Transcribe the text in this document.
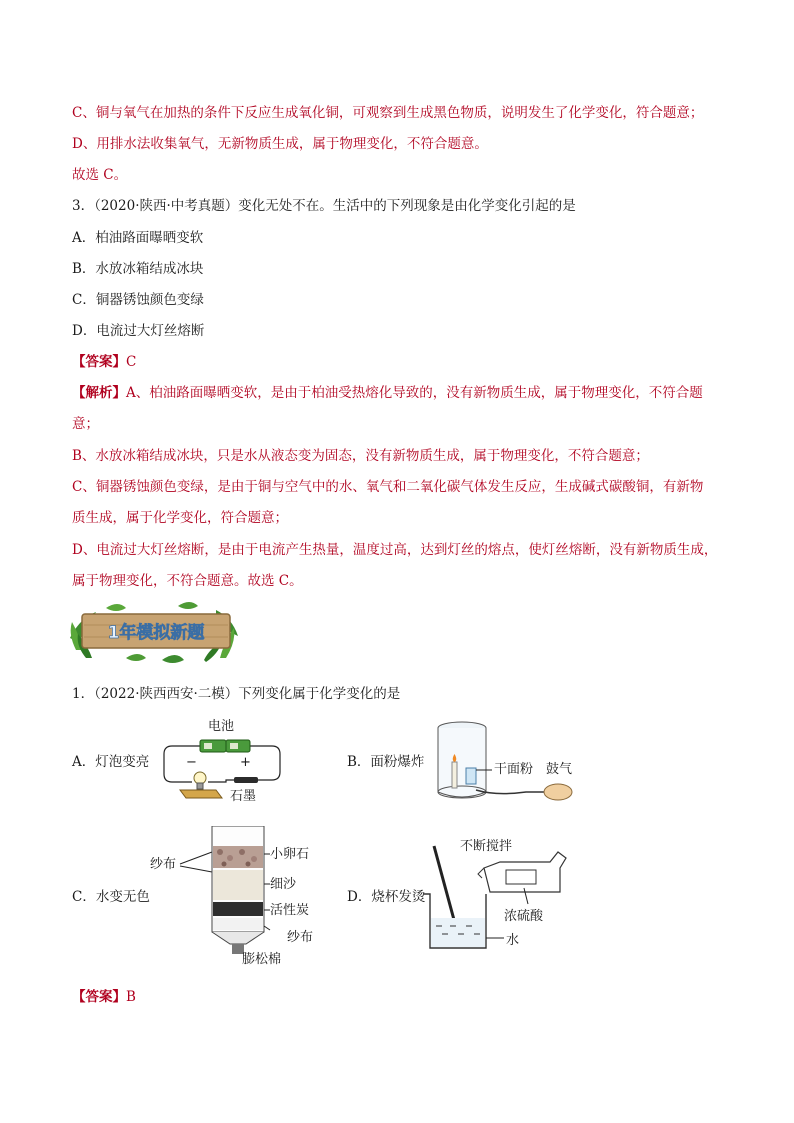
C、铜与氧气在加热的条件下反应生成氧化铜，可观察到生成黑色物质，说明发生了化学变化，符合题意；
D、用排水法收集氧气，无新物质生成，属于物理变化，不符合题意。
故选 C。
3．（2020·陕西·中考真题）变化无处不在。生活中的下列现象是由化学变化引起的是
A．柏油路面曝晒变软
B．水放冰箱结成冰块
C．铜器锈蚀颜色变绿
D．电流过大灯丝熔断
【答案】C
【解析】A、柏油路面曝晒变软，是由于柏油受热熔化导致的，没有新物质生成，属于物理变化，不符合题
意；
B、水放冰箱结成冰块，只是水从液态变为固态，没有新物质生成，属于物理变化，不符合题意；
C、铜器锈蚀颜色变绿，是由于铜与空气中的水、氧气和二氧化碳气体发生反应，生成碱式碳酸铜，有新物
质生成，属于化学变化，符合题意；
D、电流过大灯丝熔断，是由于电流产生热量，温度过高，达到灯丝的熔点，使灯丝熔断，没有新物质生成，
属于物理变化，不符合题意。故选 C。
1年模拟新题
1．（2022·陕西西安·二模）下列变化属于化学变化的是
A．灯泡变亮	B．面粉爆炸
C．水变无色	D．烧杯发烫
电池
−	+
石墨
干面粉 鼓气
纱布
小卵石
细沙
活性炭
纱布
膨松棉
不断搅拌
浓硫酸
水
【答案】B
